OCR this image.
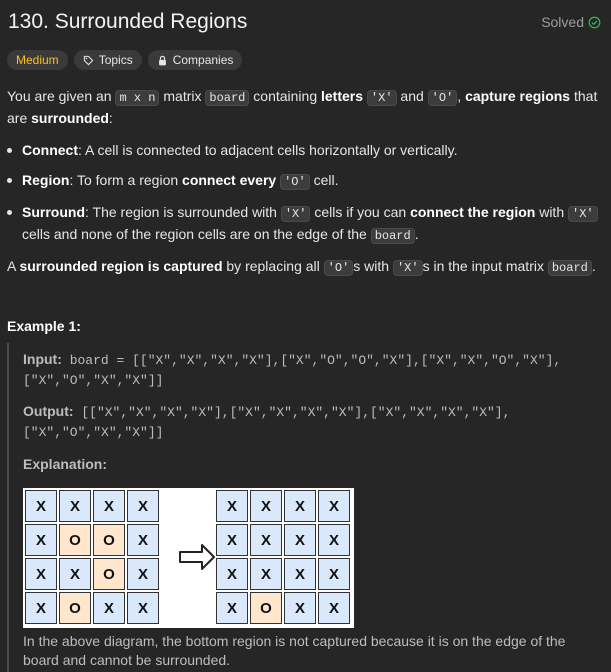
130. Surrounded Regions	Solved
Medium	Topics	Companies

You are given an m x n matrix board containing letters 'X' and 'O' , capture regions that are surrounded:

Connect: A cell is connected to adjacent cells horizontally or vertically.
Region: To form a region connect every 'O' cell.
Surround: The region is surrounded with 'X' cells if you can connect the region with 'X' cells and none of the region cells are on the edge of the board .

A surrounded region is captured by replacing all 'O' s with 'X' s in the input matrix board .

Example 1:
Input: board = [["X","X","X","X"],["X","O","O","X"],["X","X","O","X"],
["X","O","X","X"]]
Output: [["X","X","X","X"],["X","X","X","X"],["X","X","X","X"],
["X","O","X","X"]]
Explanation:
X	X	X	X
X	O	O	X
X	X	O	X
X	O	X	X
X	X	X	X
X	X	X	X
X	X	X	X
X	O	X	X
In the above diagram, the bottom region is not captured because it is on the edge of the board and cannot be surrounded.
